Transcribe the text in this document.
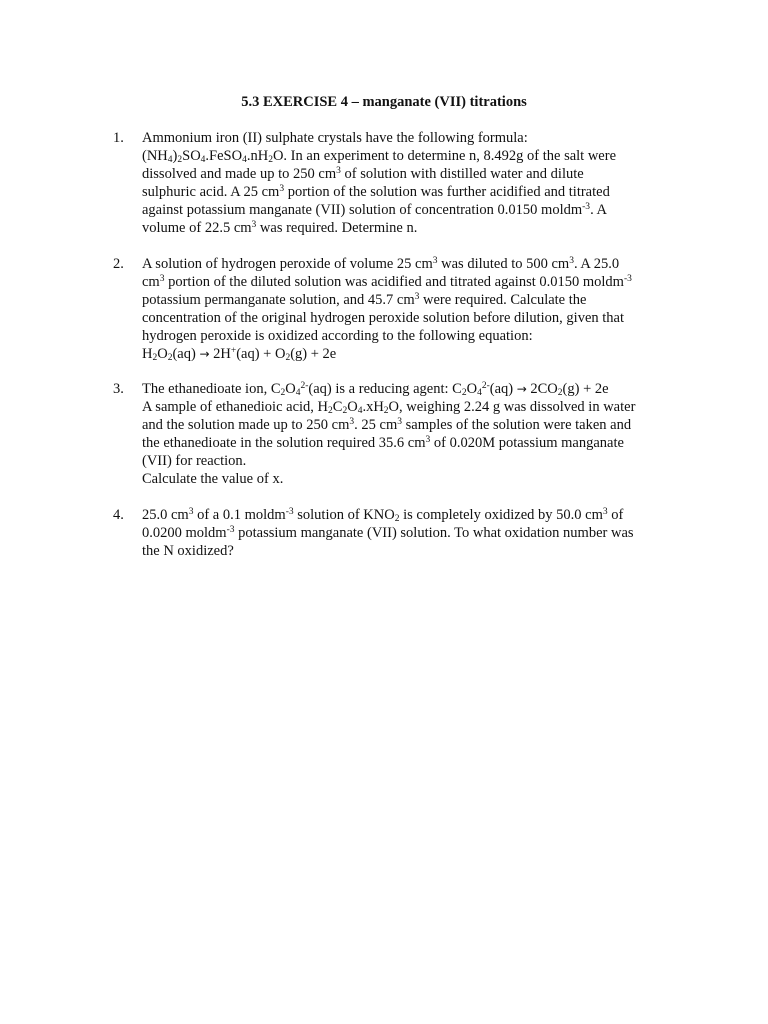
5.3 EXERCISE 4 – manganate (VII) titrations
1. Ammonium iron (II) sulphate crystals have the following formula:
$(NH_4)_2SO_4.FeSO_4.nH_2O$. In an experiment to determine n, 8.492g of the salt were
dissolved and made up to 250 $cm^3$ of solution with distilled water and dilute
sulphuric acid. A 25 $cm^3$ portion of the solution was further acidified and titrated
against potassium manganate (VII) solution of concentration 0.0150 moldm$^{-3}$. A
volume of 22.5 $cm^3$ was required. Determine n.
2. A solution of hydrogen peroxide of volume 25 $cm^3$ was diluted to 500 $cm^3$. A 25.0
$cm^3$ portion of the diluted solution was acidified and titrated against 0.0150 moldm$^{-3}$
potassium permanganate solution, and 45.7 $cm^3$ were required. Calculate the
concentration of the original hydrogen peroxide solution before dilution, given that
hydrogen peroxide is oxidized according to the following equation:
$H_2O_2(aq) \to 2H^+(aq) + O_2(g) + 2e$
3. The ethanedioate ion, $C_2O_4^{2-}(aq)$ is a reducing agent: $C_2O_4^{2-}(aq) \to 2CO_2(g) + 2e$
A sample of ethanedioic acid, $H_2C_2O_4.xH_2O$, weighing 2.24 g was dissolved in water
and the solution made up to 250 $cm^3$. 25 $cm^3$ samples of the solution were taken and
the ethanedioate in the solution required 35.6 $cm^3$ of 0.020M potassium manganate
(VII) for reaction.
Calculate the value of x.
4. 25.0 $cm^3$ of a 0.1 moldm$^{-3}$ solution of $KNO_2$ is completely oxidized by 50.0 $cm^3$ of
0.0200 moldm$^{-3}$ potassium manganate (VII) solution. To what oxidation number was
the N oxidized?
